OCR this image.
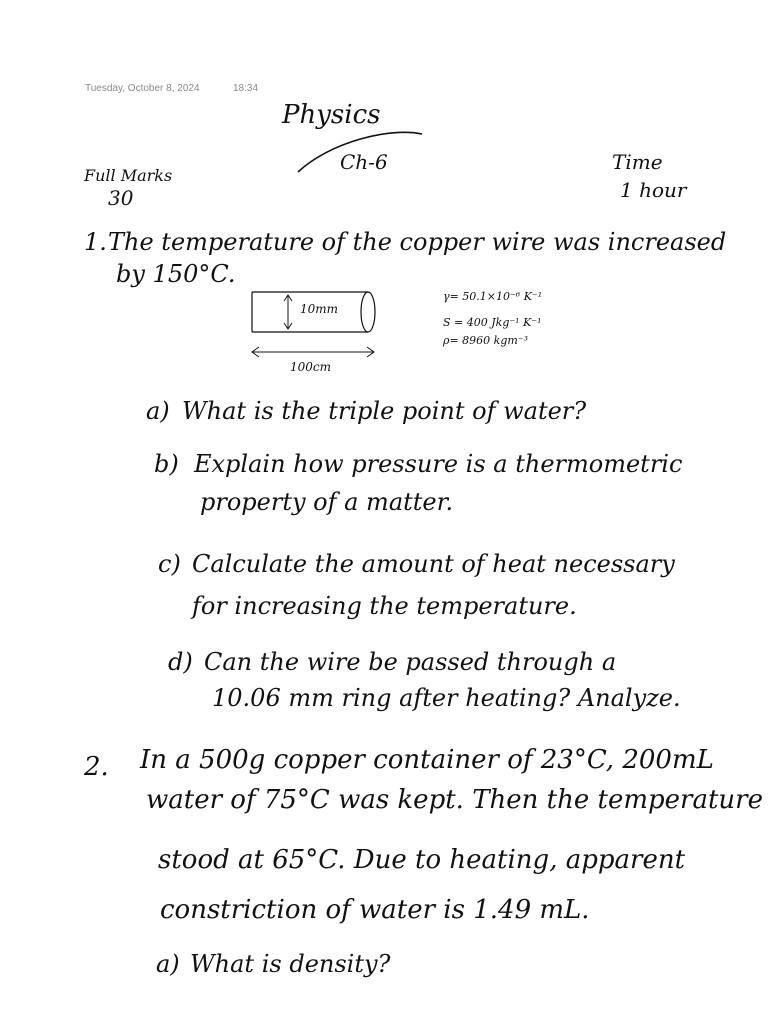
Tuesday, October 8, 2024	18:34
Physics
Ch-6
Full Marks
30
Time
1 hour
1. The temperature of the copper wire was increased
by 150°C.
10mm
100cm
γ= 50.1×10⁻⁶ K⁻¹
S = 400 Jkg⁻¹ K⁻¹
ρ= 8960 kgm⁻³
a) What is the triple point of water?
b) Explain how pressure is a thermometric
property of a matter.
c) Calculate the amount of heat necessary
for increasing the temperature.
d) Can the wire be passed through a
10.06 mm ring after heating? Analyze.
2. In a 500g copper container of 23°C, 200mL
water of 75°C was kept. Then the temperature
stood at 65°C. Due to heating, apparent
constriction of water is 1.49 mL.
a) What is density?
